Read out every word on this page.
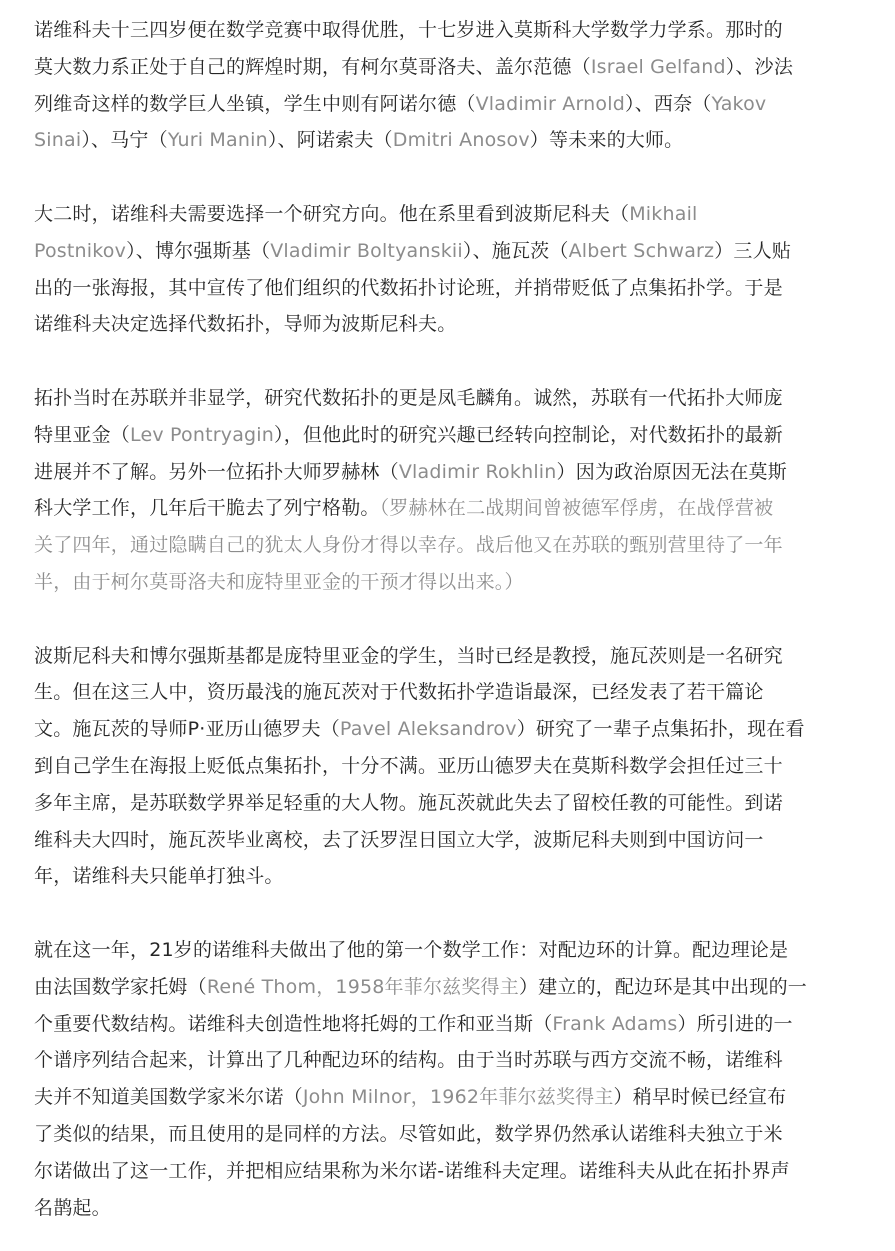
诺维科夫十三四岁便在数学竞赛中取得优胜，十七岁进入莫斯科大学数学力学系。那时的
莫大数力系正处于自己的辉煌时期，有柯尔莫哥洛夫、盖尔范德（Israel Gelfand）、沙法
列维奇这样的数学巨人坐镇，学生中则有阿诺尔德（Vladimir Arnold）、西奈（Yakov
Sinai）、马宁（Yuri Manin）、阿诺索夫（Dmitri Anosov）等未来的大师。

大二时，诺维科夫需要选择一个研究方向。他在系里看到波斯尼科夫（Mikhail
Postnikov）、博尔强斯基（Vladimir Boltyanskii）、施瓦茨（Albert Schwarz）三人贴
出的一张海报，其中宣传了他们组织的代数拓扑讨论班，并捎带贬低了点集拓扑学。于是
诺维科夫决定选择代数拓扑，导师为波斯尼科夫。

拓扑当时在苏联并非显学，研究代数拓扑的更是凤毛麟角。诚然，苏联有一代拓扑大师庞
特里亚金（Lev Pontryagin），但他此时的研究兴趣已经转向控制论，对代数拓扑的最新
进展并不了解。另外一位拓扑大师罗赫林（Vladimir Rokhlin）因为政治原因无法在莫斯
科大学工作，几年后干脆去了列宁格勒。（罗赫林在二战期间曾被德军俘虏，在战俘营被
关了四年，通过隐瞒自己的犹太人身份才得以幸存。战后他又在苏联的甄别营里待了一年
半，由于柯尔莫哥洛夫和庞特里亚金的干预才得以出来。）

波斯尼科夫和博尔强斯基都是庞特里亚金的学生，当时已经是教授，施瓦茨则是一名研究
生。但在这三人中，资历最浅的施瓦茨对于代数拓扑学造诣最深，已经发表了若干篇论
文。施瓦茨的导师P·亚历山德罗夫（Pavel Aleksandrov）研究了一辈子点集拓扑，现在看
到自己学生在海报上贬低点集拓扑，十分不满。亚历山德罗夫在莫斯科数学会担任过三十
多年主席，是苏联数学界举足轻重的大人物。施瓦茨就此失去了留校任教的可能性。到诺
维科夫大四时，施瓦茨毕业离校，去了沃罗涅日国立大学，波斯尼科夫则到中国访问一
年，诺维科夫只能单打独斗。

就在这一年，21岁的诺维科夫做出了他的第一个数学工作：对配边环的计算。配边理论是
由法国数学家托姆（René Thom，1958年菲尔兹奖得主）建立的，配边环是其中出现的一
个重要代数结构。诺维科夫创造性地将托姆的工作和亚当斯（Frank Adams）所引进的一
个谱序列结合起来，计算出了几种配边环的结构。由于当时苏联与西方交流不畅，诺维科
夫并不知道美国数学家米尔诺（John Milnor，1962年菲尔兹奖得主）稍早时候已经宣布
了类似的结果，而且使用的是同样的方法。尽管如此，数学界仍然承认诺维科夫独立于米
尔诺做出了这一工作，并把相应结果称为米尔诺-诺维科夫定理。诺维科夫从此在拓扑界声
名鹊起。
